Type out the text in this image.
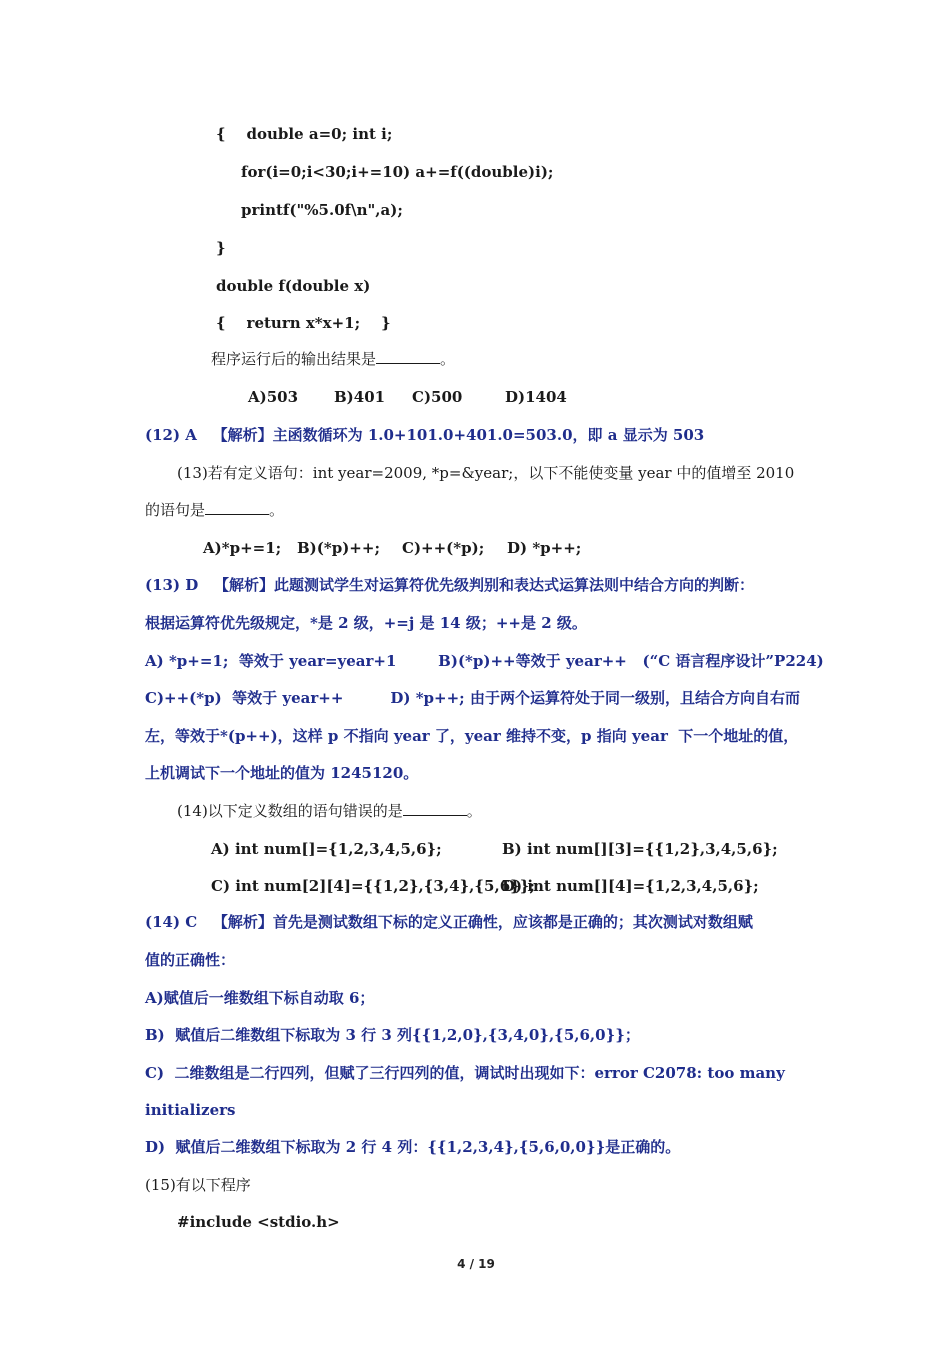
{    double a=0; int i;
for(i=0;i<30;i+=10) a+=f((double)i);
printf("%5.0f\n",a);
}
double f(double x)
{    return x*x+1;    }
程序运行后的输出结果是	。
A)503 B)401 C)500	D)1404
(12) A   【解析】主函数循环为 1.0+101.0+401.0=503.0，即 a 显示为 503
(13)若有定义语句：int year=2009, *p=&year;，以下不能使变量 year 中的值增至 2010
的语句是	。
A)*p+=1; B)(*p)++; C)++(*p); D) *p++;
(13) D   【解析】此题测试学生对运算符优先级判别和表达式运算法则中结合方向的判断：
根据运算符优先级规定，*是 2 级，+=j 是 14 级；++是 2 级。
A) *p+=1;  等效于 year=year+1        B)(*p)++等效于 year++   (“C 语言程序设计”P224)
C)++(*p)  等效于 year++         D) *p++; 由于两个运算符处于同一级别，且结合方向自右而
左，等效于*(p++)，这样 p 不指向 year 了，year 维持不变，p 指向 year  下一个地址的值，
上机调试下一个地址的值为 1245120。
(14)以下定义数组的语句错误的是	。
A) int num[]={1,2,3,4,5,6};	B) int num[][3]={{1,2},3,4,5,6};
C) int num[2][4]={{1,2},{3,4},{5,6}};
D) int num[][4]={1,2,3,4,5,6};
(14) C   【解析】首先是测试数组下标的定义正确性，应该都是正确的；其次测试对数组赋
值的正确性：
A)赋值后一维数组下标自动取 6；
B)  赋值后二维数组下标取为 3 行 3 列{{1,2,0},{3,4,0},{5,6,0}}；
C)  二维数组是二行四列，但赋了三行四列的值，调试时出现如下：error C2078: too many
initializers
D)  赋值后二维数组下标取为 2 行 4 列：{{1,2,3,4},{5,6,0,0}}是正确的。
(15)有以下程序
#include <stdio.h>
4 / 19
